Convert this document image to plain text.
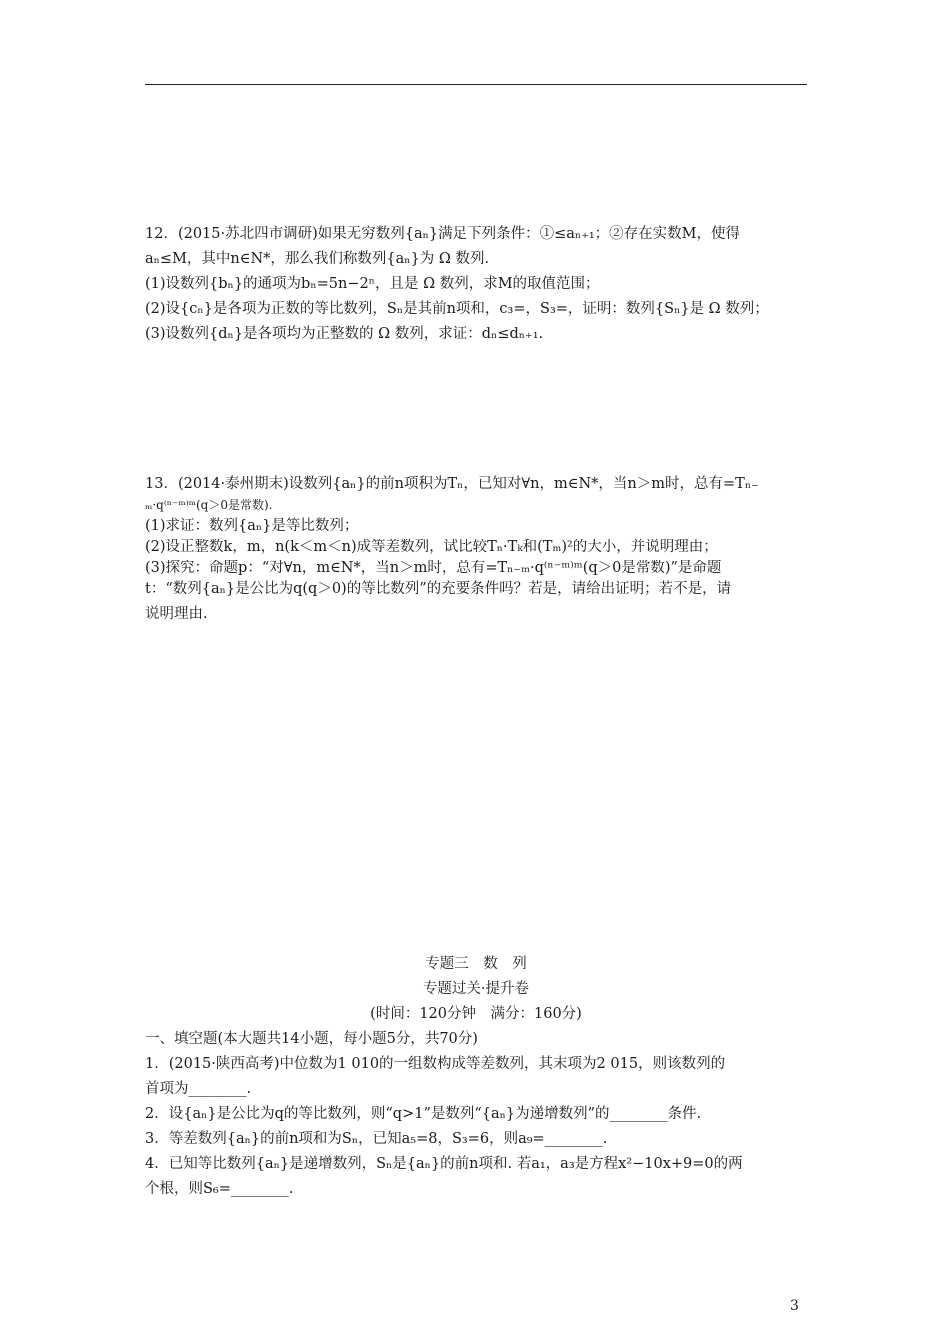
12．(2015·苏北四市调研)如果无穷数列{aₙ}满足下列条件：①≤aₙ₊₁；②存在实数M，使得
aₙ≤M，其中n∈N*，那么我们称数列{aₙ}为 Ω 数列.
(1)设数列{bₙ}的通项为bₙ=5n−2ⁿ，且是 Ω 数列，求M的取值范围；
(2)设{cₙ}是各项为正数的等比数列，Sₙ是其前n项和，c₃=，S₃=，证明：数列{Sₙ}是 Ω 数列；
(3)设数列{dₙ}是各项均为正整数的 Ω 数列，求证：dₙ≤dₙ₊₁.
13．(2014·泰州期末)设数列{aₙ}的前n项积为Tₙ，已知对∀n，m∈N*，当n＞m时，总有=Tₙ₋
ₘ·q⁽ⁿ⁻ᵐ⁾ᵐ(q＞0是常数).
(1)求证：数列{aₙ}是等比数列；
(2)设正整数k，m，n(k＜m＜n)成等差数列，试比较Tₙ·Tₖ和(Tₘ)²的大小，并说明理由；
(3)探究：命题p：“对∀n，m∈N*，当n＞m时，总有=Tₙ₋ₘ·q⁽ⁿ⁻ᵐ⁾ᵐ(q＞0是常数)”是命题
t：“数列{aₙ}是公比为q(q＞0)的等比数列”的充要条件吗？若是，请给出证明；若不是，请
说明理由.
专题三　数　列
专题过关·提升卷
(时间：120分钟　满分：160分)
一、填空题(本大题共14小题，每小题5分，共70分)
1．(2015·陕西高考)中位数为1 010的一组数构成等差数列，其末项为2 015，则该数列的
首项为________.
2．设{aₙ}是公比为q的等比数列，则“q>1”是数列“{aₙ}为递增数列”的________条件.
3．等差数列{aₙ}的前n项和为Sₙ，已知a₅=8，S₃=6，则a₉=________.
4．已知等比数列{aₙ}是递增数列，Sₙ是{aₙ}的前n项和. 若a₁，a₃是方程x²−10x+9=0的两
个根，则S₆=________.
3
